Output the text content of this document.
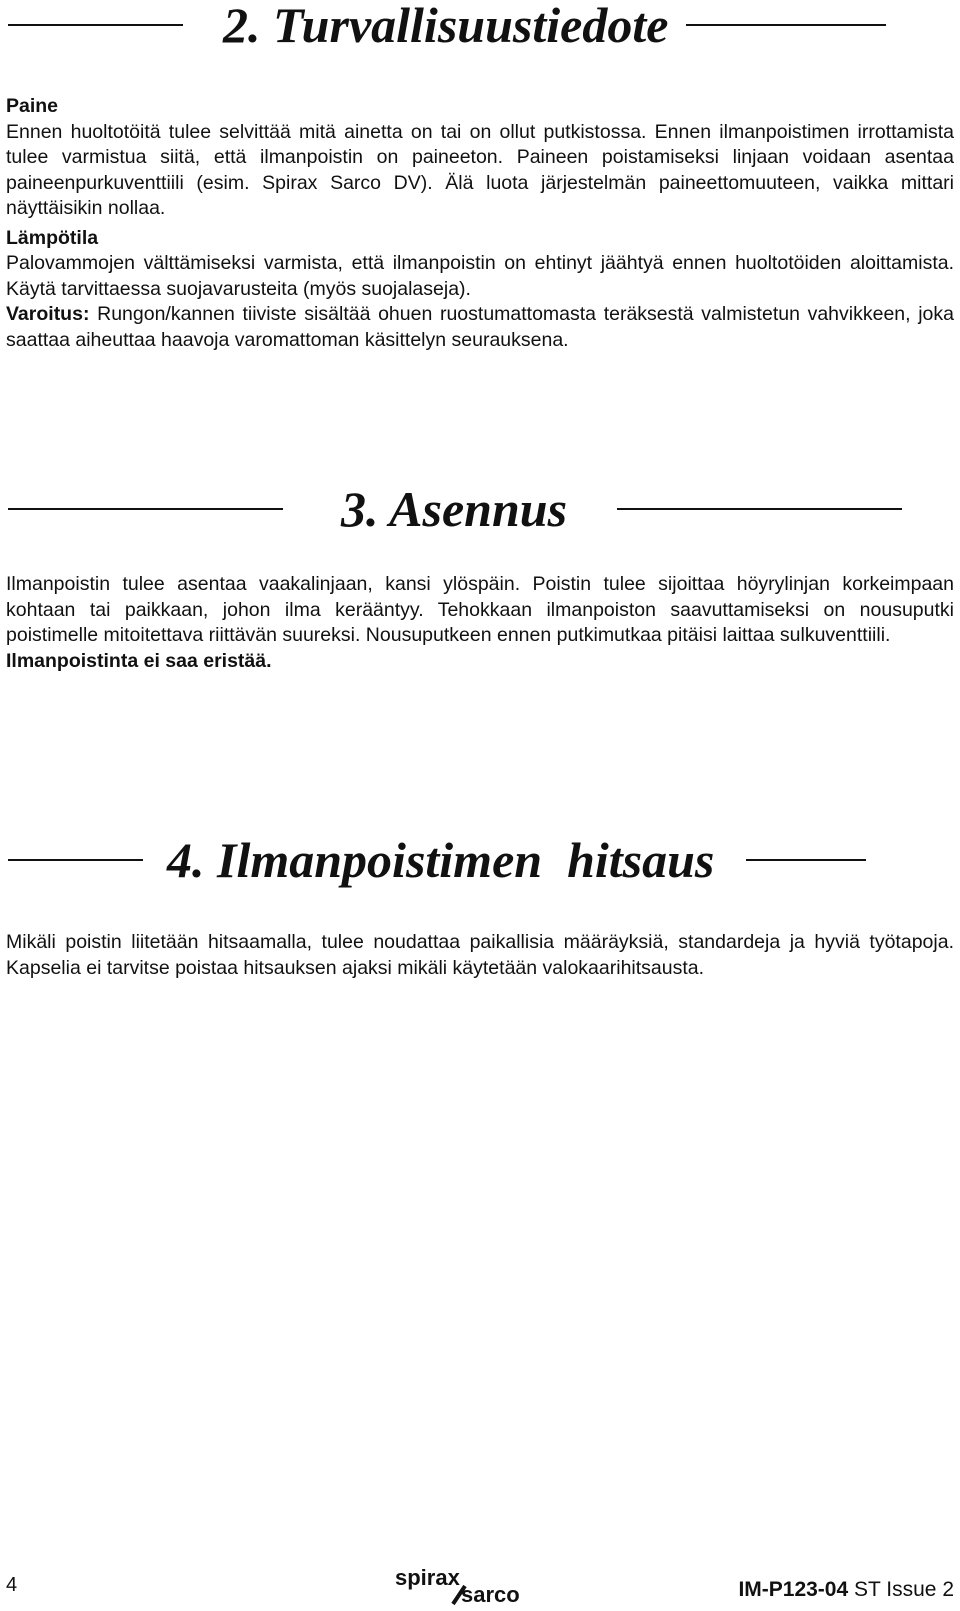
2. Turvallisuustiedote

Paine

Ennen huoltotöitä tulee selvittää mitä ainetta on tai on ollut putkistossa. Ennen ilmanpoistimen irrottamista tulee varmistua siitä, että ilmanpoistin on paineeton. Paineen poistamiseksi linjaan voidaan asentaa paineenpurkuventtiili (esim. Spirax Sarco DV). Älä luota järjestelmän paineettomuuteen, vaikka mittari näyttäisikin nollaa.

Lämpötila

Palovammojen välttämiseksi varmista, että ilmanpoistin on ehtinyt jäähtyä ennen huoltotöiden aloittamista. Käytä tarvittaessa suojavarusteita (myös suojalaseja).

Varoitus: Rungon/kannen tiiviste sisältää ohuen ruostumattomasta teräksestä valmistetun vahvikkeen, joka saattaa aiheuttaa haavoja varomattoman käsittelyn seurauksena.

3. Asennus

Ilmanpoistin tulee asentaa vaakalinjaan, kansi ylöspäin. Poistin tulee sijoittaa höyrylinjan korkeimpaan kohtaan tai paikkaan, johon ilma kerääntyy. Tehokkaan ilmanpoiston saavuttamiseksi on nousuputki poistimelle mitoitettava riittävän suureksi. Nousuputkeen ennen putkimutkaa pitäisi laittaa sulkuventtiili.

Ilmanpoistinta ei saa eristää.

4. Ilmanpoistimen  hitsaus

Mikäli poistin liitetään hitsaamalla, tulee noudattaa paikallisia määräyksiä, standardeja ja hyviä työtapoja. Kapselia ei tarvitse poistaa hitsauksen ajaksi mikäli käytetään valokaarihitsausta.

4	spirax
sarco	IM-P123-04 ST Issue 2
